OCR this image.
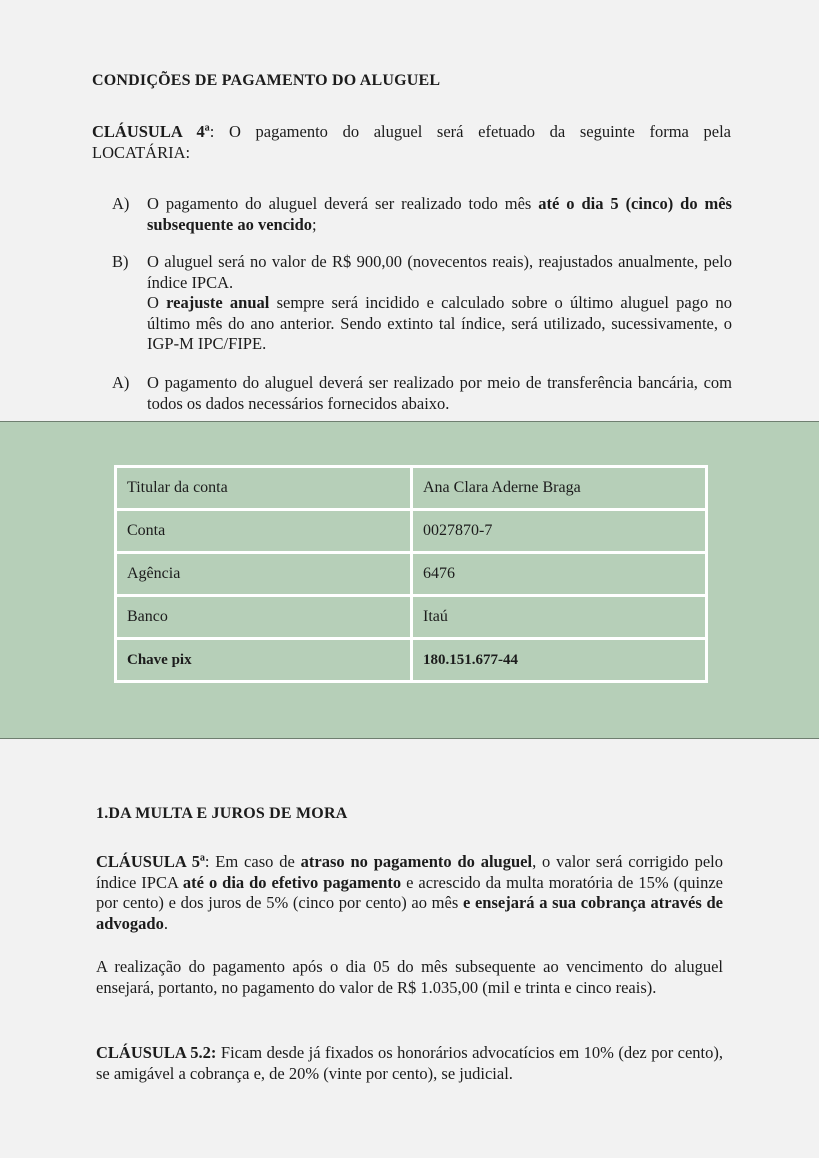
CONDIÇÕES DE PAGAMENTO DO ALUGUEL
CLÁUSULA 4ª: O pagamento do aluguel será efetuado da seguinte forma pela
LOCATÁRIA:
A) O pagamento do aluguel deverá ser realizado todo mês até o dia 5 (cinco) do mês subsequente ao vencido;
B) O aluguel será no valor de R$ 900,00 (novecentos reais), reajustados anualmente, pelo índice IPCA.
O reajuste anual sempre será incidido e calculado sobre o último aluguel pago no último mês do ano anterior. Sendo extinto tal índice, será utilizado, sucessivamente, o IGP-M IPC/FIPE.
A) O pagamento do aluguel deverá ser realizado por meio de transferência bancária, com todos os dados necessários fornecidos abaixo.
Titular da conta	Ana Clara Aderne Braga
Conta	0027870-7
Agência	6476
Banco	Itaú
Chave pix	180.151.677-44
1.DA MULTA E JUROS DE MORA
CLÁUSULA 5ª: Em caso de atraso no pagamento do aluguel, o valor será corrigido pelo índice IPCA até o dia do efetivo pagamento e acrescido da multa moratória de 15% (quinze por cento) e dos juros de 5% (cinco por cento) ao mês e ensejará a sua cobrança através de advogado.
A realização do pagamento após o dia 05 do mês subsequente ao vencimento do aluguel ensejará, portanto, no pagamento do valor de R$ 1.035,00 (mil e trinta e cinco reais).
CLÁUSULA 5.2: Ficam desde já fixados os honorários advocatícios em 10% (dez por cento), se amigável a cobrança e, de 20% (vinte por cento), se judicial.
